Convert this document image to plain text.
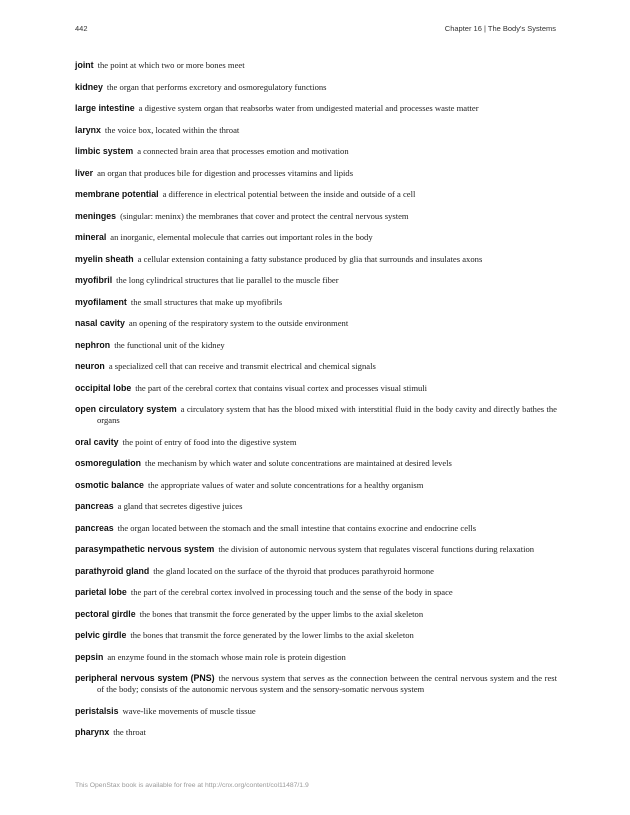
442	Chapter 16 | The Body's Systems
joint the point at which two or more bones meet
kidney the organ that performs excretory and osmoregulatory functions
large intestine a digestive system organ that reabsorbs water from undigested material and processes waste matter
larynx the voice box, located within the throat
limbic system a connected brain area that processes emotion and motivation
liver an organ that produces bile for digestion and processes vitamins and lipids
membrane potential a difference in electrical potential between the inside and outside of a cell
meninges (singular: meninx) the membranes that cover and protect the central nervous system
mineral an inorganic, elemental molecule that carries out important roles in the body
myelin sheath a cellular extension containing a fatty substance produced by glia that surrounds and insulates axons
myofibril the long cylindrical structures that lie parallel to the muscle fiber
myofilament the small structures that make up myofibrils
nasal cavity an opening of the respiratory system to the outside environment
nephron the functional unit of the kidney
neuron a specialized cell that can receive and transmit electrical and chemical signals
occipital lobe the part of the cerebral cortex that contains visual cortex and processes visual stimuli
open circulatory system a circulatory system that has the blood mixed with interstitial fluid in the body cavity and directly bathes the organs
oral cavity the point of entry of food into the digestive system
osmoregulation the mechanism by which water and solute concentrations are maintained at desired levels
osmotic balance the appropriate values of water and solute concentrations for a healthy organism
pancreas a gland that secretes digestive juices
pancreas the organ located between the stomach and the small intestine that contains exocrine and endocrine cells
parasympathetic nervous system the division of autonomic nervous system that regulates visceral functions during relaxation
parathyroid gland the gland located on the surface of the thyroid that produces parathyroid hormone
parietal lobe the part of the cerebral cortex involved in processing touch and the sense of the body in space
pectoral girdle the bones that transmit the force generated by the upper limbs to the axial skeleton
pelvic girdle the bones that transmit the force generated by the lower limbs to the axial skeleton
pepsin an enzyme found in the stomach whose main role is protein digestion
peripheral nervous system (PNS) the nervous system that serves as the connection between the central nervous system and the rest of the body; consists of the autonomic nervous system and the sensory-somatic nervous system
peristalsis wave-like movements of muscle tissue
pharynx the throat
This OpenStax book is available for free at http://cnx.org/content/col11487/1.9
